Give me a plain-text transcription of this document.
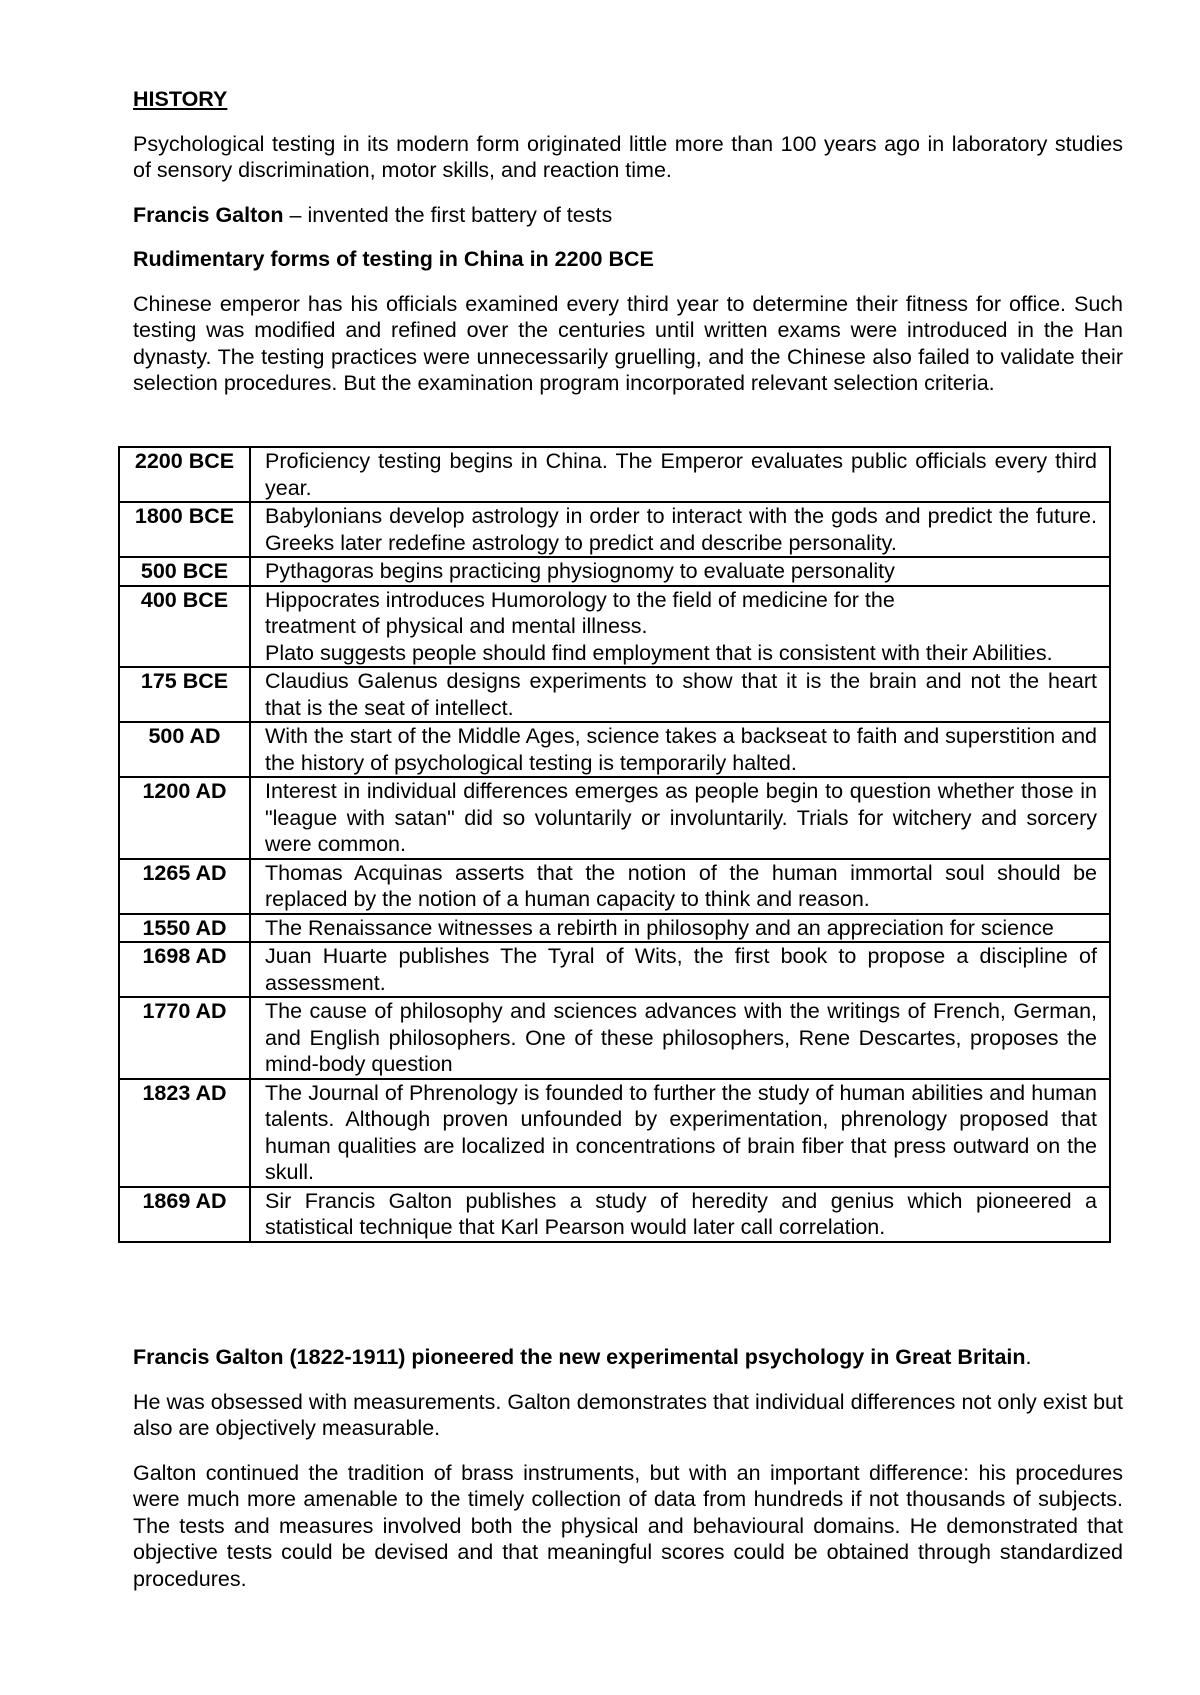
HISTORY

Psychological testing in its modern form originated little more than 100 years ago in laboratory studies of sensory discrimination, motor skills, and reaction time.

Francis Galton – invented the first battery of tests

Rudimentary forms of testing in China in 2200 BCE

Chinese emperor has his officials examined every third year to determine their fitness for office. Such testing was modified and refined over the centuries until written exams were introduced in the Han dynasty. The testing practices were unnecessarily gruelling, and the Chinese also failed to validate their selection procedures. But the examination program incorporated relevant selection criteria.

2200 BCE	Proficiency testing begins in China. The Emperor evaluates public officials every third year.
1800 BCE	Babylonians develop astrology in order to interact with the gods and predict the future. Greeks later redefine astrology to predict and describe personality.
500 BCE	Pythagoras begins practicing physiognomy to evaluate personality
400 BCE	Hippocrates introduces Humorology to the field of medicine for the treatment of physical and mental illness.
Plato suggests people should find employment that is consistent with their Abilities.

175 BCE	Claudius Galenus designs experiments to show that it is the brain and not the heart that is the seat of intellect.
500 AD	With the start of the Middle Ages, science takes a backseat to faith and superstition and the history of psychological testing is temporarily halted.
1200 AD	Interest in individual differences emerges as people begin to question whether those in "league with satan" did so voluntarily or involuntarily. Trials for witchery and sorcery were common.
1265 AD	Thomas Acquinas asserts that the notion of the human immortal soul should be replaced by the notion of a human capacity to think and reason.
1550 AD	The Renaissance witnesses a rebirth in philosophy and an appreciation for science
1698 AD	Juan Huarte publishes The Tyral of Wits, the first book to propose a discipline of assessment.
1770 AD	The cause of philosophy and sciences advances with the writings of French, German, and English philosophers. One of these philosophers, Rene Descartes, proposes the mind-body question
1823 AD	The Journal of Phrenology is founded to further the study of human abilities and human talents. Although proven unfounded by experimentation, phrenology proposed that human qualities are localized in concentrations of brain fiber that press outward on the skull.
1869 AD	Sir Francis Galton publishes a study of heredity and genius which pioneered a statistical technique that Karl Pearson would later call correlation.

Francis Galton (1822-1911) pioneered the new experimental psychology in Great Britain.

He was obsessed with measurements. Galton demonstrates that individual differences not only exist but also are objectively measurable.

Galton continued the tradition of brass instruments, but with an important difference: his procedures were much more amenable to the timely collection of data from hundreds if not thousands of subjects. The tests and measures involved both the physical and behavioural domains. He demonstrated that objective tests could be devised and that meaningful scores could be obtained through standardized procedures.
